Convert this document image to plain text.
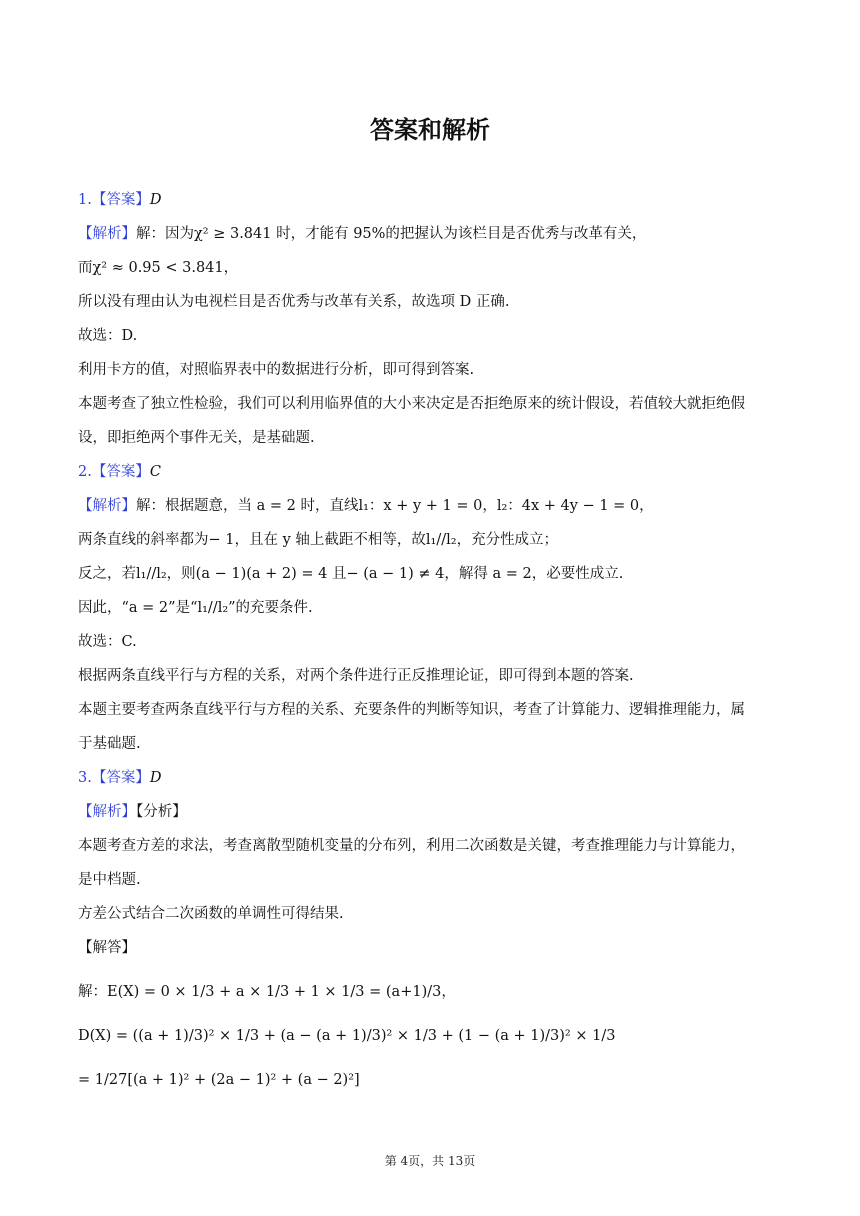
答案和解析
1.【答案】D
【解析】解：因为χ² ≥ 3.841 时，才能有 95%的把握认为该栏目是否优秀与改革有关，
而χ² ≈ 0.95 < 3.841，
所以没有理由认为电视栏目是否优秀与改革有关系，故选项 D 正确.
故选：D.
利用卡方的值，对照临界表中的数据进行分析，即可得到答案.
本题考查了独立性检验，我们可以利用临界值的大小来决定是否拒绝原来的统计假设，若值较大就拒绝假
设，即拒绝两个事件无关，是基础题.
2.【答案】C
【解析】解：根据题意，当 a = 2 时，直线l₁：x + y + 1 = 0，l₂：4x + 4y − 1 = 0，
两条直线的斜率都为− 1，且在 y 轴上截距不相等，故l₁//l₂，充分性成立；
反之，若l₁//l₂，则(a − 1)(a + 2) = 4 且− (a − 1) ≠ 4，解得 a = 2，必要性成立.
因此，“a = 2”是“l₁//l₂”的充要条件.
故选：C.
根据两条直线平行与方程的关系，对两个条件进行正反推理论证，即可得到本题的答案.
本题主要考查两条直线平行与方程的关系、充要条件的判断等知识，考查了计算能力、逻辑推理能力，属
于基础题.
3.【答案】D
【解析】【分析】
本题考查方差的求法，考查离散型随机变量的分布列，利用二次函数是关键，考查推理能力与计算能力，
是中档题.
方差公式结合二次函数的单调性可得结果.
【解答】
解：E(X) = 0 × 1/3 + a × 1/3 + 1 × 1/3 = (a+1)/3，
D(X) = ((a + 1)/3)² × 1/3 + (a − (a + 1)/3)² × 1/3 + (1 − (a + 1)/3)² × 1/3
= 1/27[(a + 1)² + (2a − 1)² + (a − 2)²]
第 4页，共 13页
